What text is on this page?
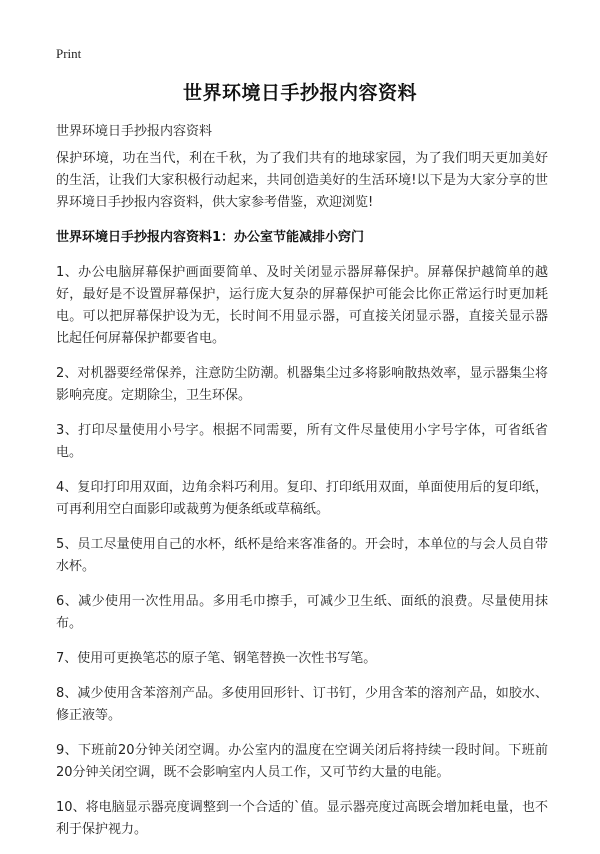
Print
世界环境日手抄报内容资料
世界环境日手抄报内容资料

保护环境，功在当代，利在千秋，为了我们共有的地球家园，为了我们明天更加美好的生活，让我们大家积极行动起来，共同创造美好的生活环境!以下是为大家分享的世界环境日手抄报内容资料，供大家参考借鉴，欢迎浏览!

世界环境日手抄报内容资料1：办公室节能减排小窍门

1、办公电脑屏幕保护画面要简单、及时关闭显示器屏幕保护。屏幕保护越简单的越好，最好是不设置屏幕保护，运行庞大复杂的屏幕保护可能会比你正常运行时更加耗电。可以把屏幕保护设为无，长时间不用显示器，可直接关闭显示器，直接关显示器比起任何屏幕保护都要省电。

2、对机器要经常保养，注意防尘防潮。机器集尘过多将影响散热效率，显示器集尘将影响亮度。定期除尘，卫生环保。

3、打印尽量使用小号字。根据不同需要，所有文件尽量使用小字号字体，可省纸省电。

4、复印打印用双面，边角余料巧利用。复印、打印纸用双面，单面使用后的复印纸，可再利用空白面影印或裁剪为便条纸或草稿纸。

5、员工尽量使用自己的水杯，纸杯是给来客准备的。开会时，本单位的与会人员自带水杯。

6、减少使用一次性用品。多用毛巾擦手，可减少卫生纸、面纸的浪费。尽量使用抹布。

7、使用可更换笔芯的原子笔、钢笔替换一次性书写笔。

8、减少使用含苯溶剂产品。多使用回形针、订书钉，少用含苯的溶剂产品，如胶水、修正液等。

9、下班前20分钟关闭空调。办公室内的温度在空调关闭后将持续一段时间。下班前20分钟关闭空调，既不会影响室内人员工作，又可节约大量的电能。

10、将电脑显示器亮度调整到一个合适的`值。显示器亮度过高既会增加耗电量，也不利于保护视力。
